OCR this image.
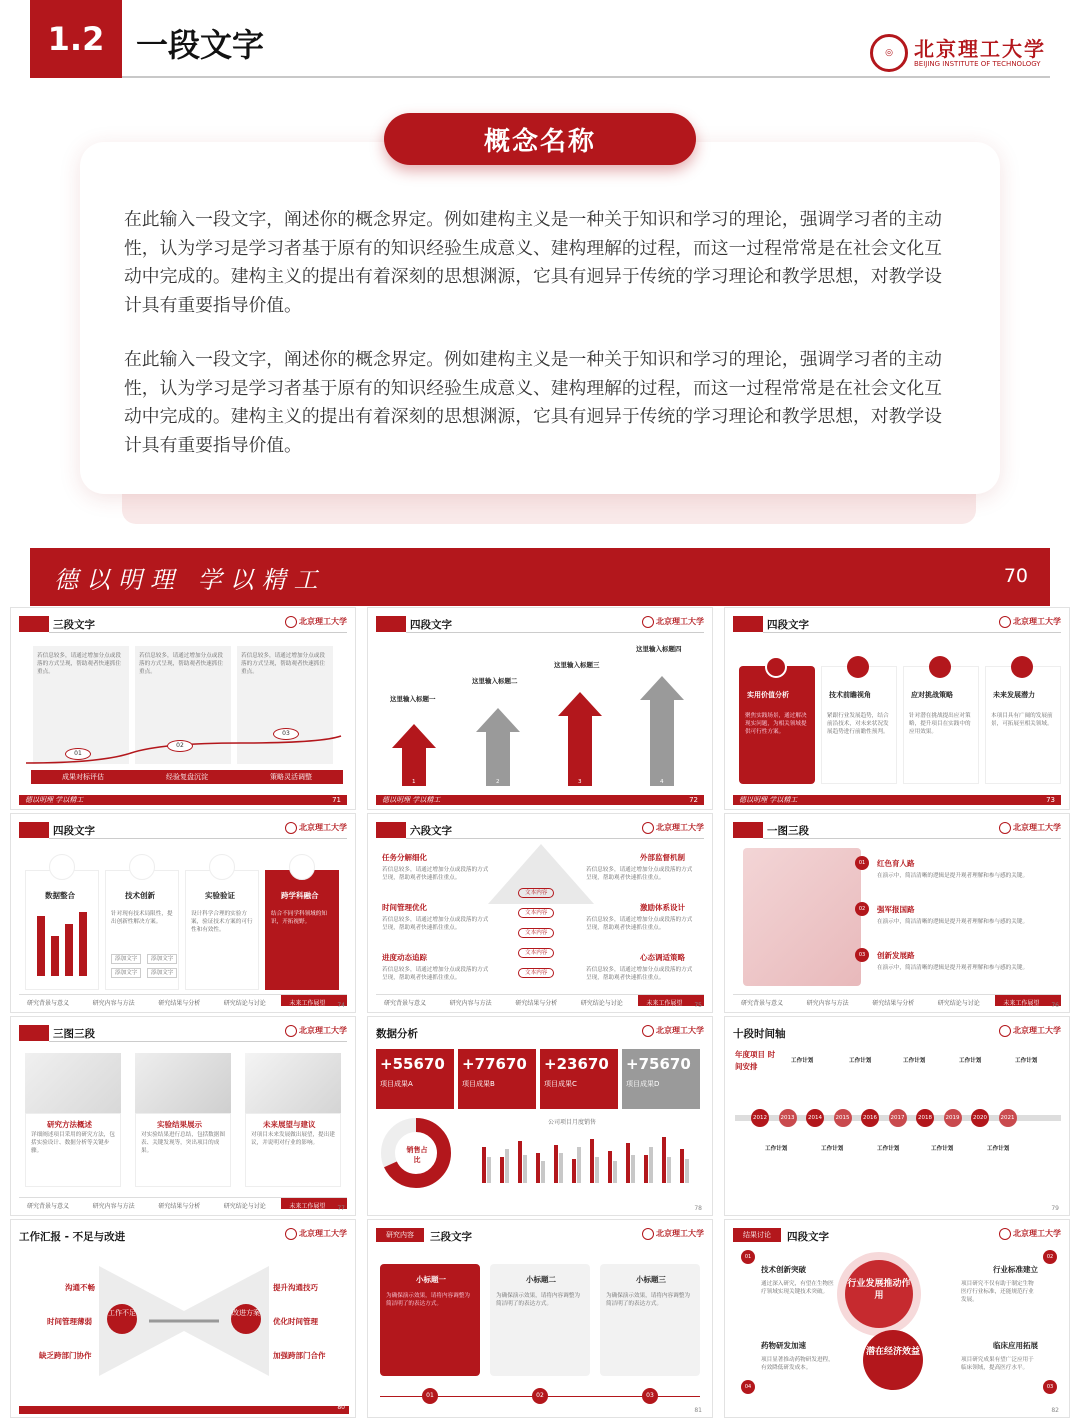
1.2 一段文字	◎	北京理工大学
BEIJING INSTITUTE OF TECHNOLOGY
概念名称
在此输入一段文字，阐述你的概念界定。例如建构主义是一种关于知识和学习的理论，强调学习者的主动性，认为学习是学习者基于原有的知识经验生成意义、建构理解的过程，而这一过程常常是在社会文化互动中完成的。建构主义的提出有着深刻的思想渊源，它具有迥异于传统的学习理论和教学思想，对教学设计具有重要指导价值。
在此输入一段文字，阐述你的概念界定。例如建构主义是一种关于知识和学习的理论，强调学习者的主动性，认为学习是学习者基于原有的知识经验生成意义、建构理解的过程，而这一过程常常是在社会文化互动中完成的。建构主义的提出有着深刻的思想渊源，它具有迥异于传统的学习理论和教学思想，对教学设计具有重要指导价值。
德以明理 学以精工	70
三段文字	北京理工大学
若信息较多，请通过增加分点或段落的方式呈现，帮助观者快速抓住重点。
若信息较多，请通过增加分点或段落的方式呈现，帮助观者快速抓住重点。
若信息较多，请通过增加分点或段落的方式呈现，帮助观者快速抓住重点。
01
02
03
成果对标评估	经验复盘沉淀	策略灵活调整
德以明理 学以精工	71
四段文字	北京理工大学
这里输入标题一
这里输入标题二
这里输入标题三
这里输入标题四
1	2	3	4
德以明理 学以精工	72
四段文字	北京理工大学
实用价值分析	技术前瞻视角	应对挑战策略	未来发展潜力
聚焦实践场景，通过解决现实问题，为相关领域提供可行性方案。
紧跟行业发展趋势，结合前沿技术，对未来状况发展趋势进行前瞻性预判。
针对潜在挑战提出应对策略，提升项目在实践中的应用效果。
本项目具有广阔的发展前景，可拓展至相关领域。
德以明理 学以精工	73
四段文字	北京理工大学
数据整合	技术创新	实验验证	跨学科融合
针对现有技术局限性，提出创新性解决方案。
设计科学合理的实验方案，验证技术方案的可行性和有效性。
结合不同学科领域的知识，开拓视野。
添加文字	添加文字
添加文字	添加文字
研究背景与意义	研究内容与方法	研究结果与分析	研究结论与讨论	未来工作展望	74
六段文字	北京理工大学
任务分解细化
时间管理优化
进度动态追踪
外部监督机制
激励体系设计
心态调适策略
若信息较多，请通过增加分点或段落的方式呈现，帮助观者快速抓住重点。
若信息较多，请通过增加分点或段落的方式呈现，帮助观者快速抓住重点。
若信息较多，请通过增加分点或段落的方式呈现，帮助观者快速抓住重点。
若信息较多，请通过增加分点或段落的方式呈现，帮助观者快速抓住重点。
若信息较多，请通过增加分点或段落的方式呈现，帮助观者快速抓住重点。
若信息较多，请通过增加分点或段落的方式呈现，帮助观者快速抓住重点。
文本内容
文本内容
文本内容
文本内容
文本内容
研究背景与意义	研究内容与方法	研究结果与分析	研究结论与讨论	未来工作展望	75
一图三段	北京理工大学
01
02
03
红色育人路
强军报国路
创新发展路
在演示中，简洁清晰的逻辑是提升观者理解和参与感的关键。
在演示中，简洁清晰的逻辑是提升观者理解和参与感的关键。
在演示中，简洁清晰的逻辑是提升观者理解和参与感的关键。
研究背景与意义	研究内容与方法	研究结果与分析	研究结论与讨论	未来工作展望	76
三图三段	北京理工大学
研究方法概述	实验结果展示	未来展望与建议
详细阐述项目采用的研究方法，包括实验设计、数据分析等关键步骤。
对实验结果进行总结，包括数据图表、关键发现等，突出项目的成果。
对项目未来发展做出展望，提出建议，并说明对行业的影响。
研究背景与意义	研究内容与方法	研究结果与分析	研究结论与讨论	未来工作展望	77
数据分析	北京理工大学
+55670 +77670 +23670 +75670
项目成果A	项目成果B	项目成果C	项目成果D
销售占比
公司项目月度销售
78
十段时间轴	北京理工大学
年度项目 时间安排
2012	2013	2014	2015	2016	2017	2018	2019	2020	2021
工作计划	工作计划	工作计划	工作计划	工作计划
工作计划	工作计划	工作计划	工作计划	工作计划
79
工作汇报 - 不足与改进	北京理工大学
工作不足	改进方案
沟通不畅
时间管理薄弱
缺乏跨部门协作
提升沟通技巧
优化时间管理
加强跨部门合作
80
研究内容	三段文字	北京理工大学
小标题一	小标题二	小标题三
为确保演示效果，请将内容调整为简洁明了的表达方式。
为确保演示效果，请将内容调整为简洁明了的表达方式。
为确保演示效果，请将内容调整为简洁明了的表达方式。
01	02	03
81
结果讨论	四段文字	北京理工大学
行业发展推动作用
潜在经济效益
技术创新突破
药物研发加速
行业标准建立
临床应用拓展
通过深入研究，有望在生物医疗领域实现关键技术突破。
项目显著推动药物研发进程，有效降低研发成本。
项目研究不仅有助于制定生物医疗行业标准，还能规范行业发展。
项目研究成果有望广泛应用于临床领域，提高医疗水平。
01	02
03
04
82
